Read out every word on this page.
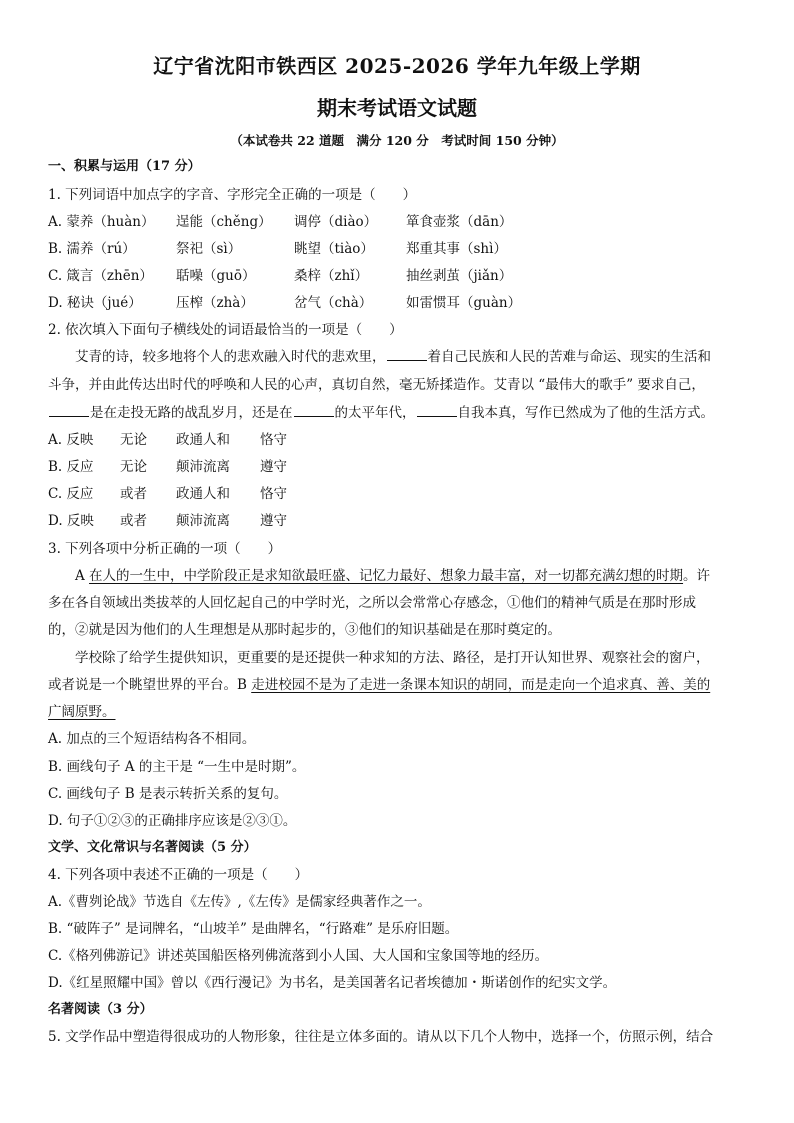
辽宁省沈阳市铁西区 2025-2026 学年九年级上学期
期末考试语文试题
（本试卷共 22 道题　满分 120 分　考试时间 150 分钟）
一、积累与运用（17 分）
1. 下列词语中加点字的字音、字形完全正确的一项是（　　）
A. 蒙养（huàn） 逞能（chěng） 调停（diào） 箪食壶浆（dān）
B. 濡养（rú）	祭祀（sì）	眺望（tiào） 郑重其事（shì）
C. 箴言（zhēn） 聒噪（guō）	桑梓（zhǐ）	抽丝剥茧（jiǎn）
D. 秘诀（jué）	压榨（zhà）	岔气（chà） 如雷惯耳（guàn）
2. 依次填入下面句子横线处的词语最恰当的一项是（　　）
艾青的诗，较多地将个人的悲欢融入时代的悲欢里，	着自己民族和人民的苦难与命运、现实的生活和
斗争，并由此传达出时代的呼唤和人民的心声，真切自然，毫无矫揉造作。艾青以 “最伟大的歌手” 要求自己，
是在走投无路的战乱岁月，还是在	的太平年代，	自我本真，写作已然成为了他的生活方式。
A. 反映 无论 政通人和 恪守
B. 反应 无论 颠沛流离 遵守
C. 反应 或者 政通人和 恪守
D. 反映 或者 颠沛流离 遵守
3. 下列各项中分析正确的一项（　　）
A 在人的一生中，中学阶段正是求知欲最旺盛、记忆力最好、想象力最丰富，对一切都充满幻想的时期。许
多在各自领域出类拔萃的人回忆起自己的中学时光，之所以会常常心存感念，①他们的精神气质是在那时形成
的，②就是因为他们的人生理想是从那时起步的，③他们的知识基础是在那时奠定的。
学校除了给学生提供知识，更重要的是还提供一种求知的方法、路径，是打开认知世界、观察社会的窗户，
或者说是一个眺望世界的平台。B 走进校园不是为了走进一条课本知识的胡同，而是走向一个追求真、善、美的
广阔原野。
A. 加点的三个短语结构各不相同。
B. 画线句子 A 的主干是 “一生中是时期”。
C. 画线句子 B 是表示转折关系的复句。
D. 句子①②③的正确排序应该是②③①。
文学、文化常识与名著阅读（5 分）
4. 下列各项中表述不正确的一项是（　　）
A.《曹刿论战》节选自《左传》,《左传》是儒家经典著作之一。
B. “破阵子” 是词牌名，“山坡羊” 是曲牌名，“行路难” 是乐府旧题。
C.《格列佛游记》讲述英国船医格列佛流落到小人国、大人国和宝象国等地的经历。
D.《红星照耀中国》曾以《西行漫记》为书名，是美国著名记者埃德加・斯诺创作的纪实文学。
名著阅读（3 分）
5. 文学作品中塑造得很成功的人物形象，往往是立体多面的。请从以下几个人物中，选择一个，仿照示例，结合
